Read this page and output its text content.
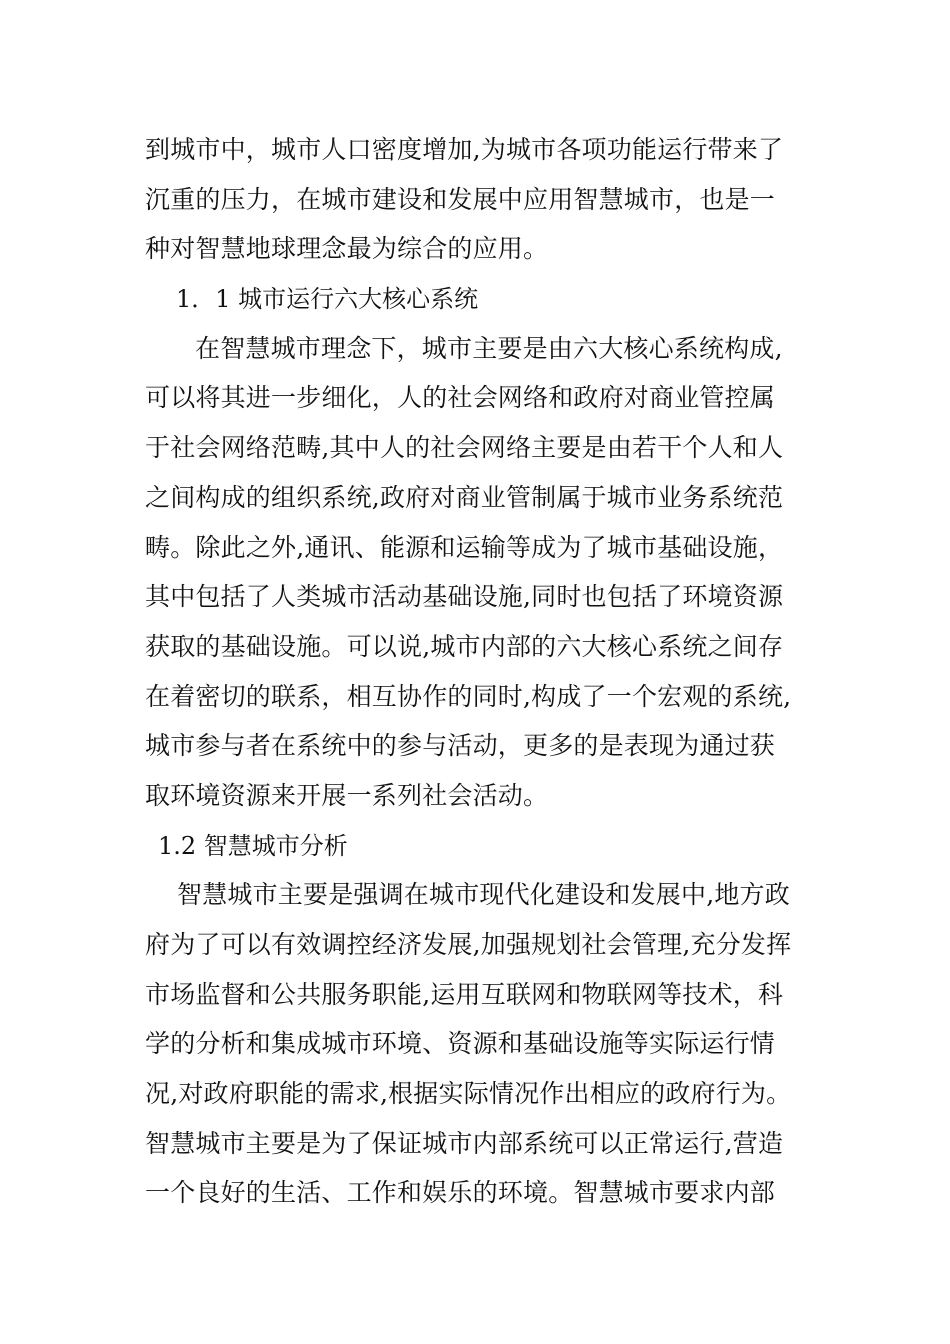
到城市中，城市人口密度增加,为城市各项功能运行带来了
沉重的压力，在城市建设和发展中应用智慧城市，也是一
种对智慧地球理念最为综合的应用。
1．1 城市运行六大核心系统
在智慧城市理念下，城市主要是由六大核心系统构成,
可以将其进一步细化，人的社会网络和政府对商业管控属
于社会网络范畴,其中人的社会网络主要是由若干个人和人
之间构成的组织系统,政府对商业管制属于城市业务系统范
畴。除此之外,通讯、能源和运输等成为了城市基础设施，
其中包括了人类城市活动基础设施,同时也包括了环境资源
获取的基础设施。可以说,城市内部的六大核心系统之间存
在着密切的联系，相互协作的同时,构成了一个宏观的系统,
城市参与者在系统中的参与活动，更多的是表现为通过获
取环境资源来开展一系列社会活动。
1.2 智慧城市分析
智慧城市主要是强调在城市现代化建设和发展中,地方政
府为了可以有效调控经济发展,加强规划社会管理,充分发挥
市场监督和公共服务职能,运用互联网和物联网等技术，科
学的分析和集成城市环境、资源和基础设施等实际运行情
况,对政府职能的需求,根据实际情况作出相应的政府行为。
智慧城市主要是为了保证城市内部系统可以正常运行,营造
一个良好的生活、工作和娱乐的环境。智慧城市要求内部
